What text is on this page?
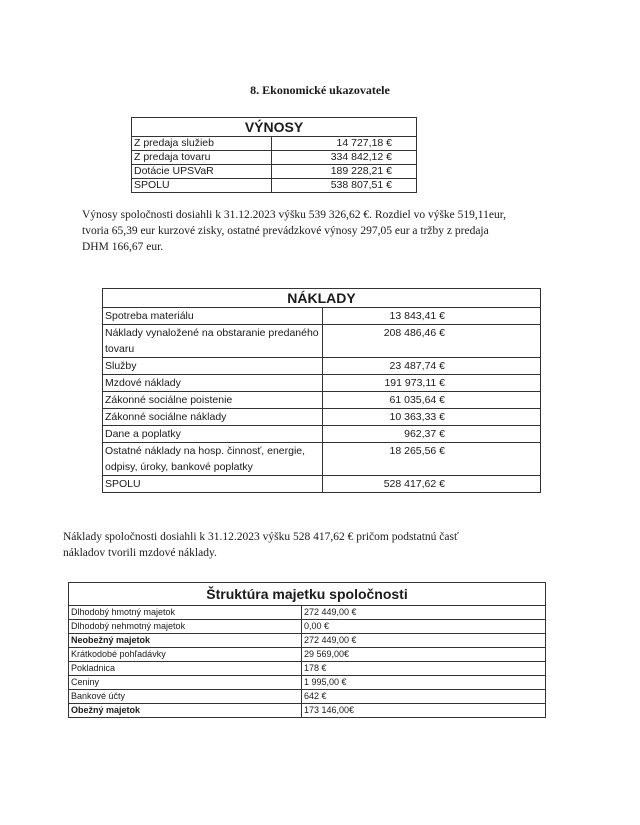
8. Ekonomické ukazovatele
VÝNOSY	
Z predaja služieb	14 727,18 €
Z predaja tovaru	334 842,12 €
Dotácie UPSVaR	189 228,21 €
SPOLU	538 807,51 €
Výnosy spoločnosti dosiahli k 31.12.2023 výšku 539 326,62 €. Rozdiel vo výške 519,11eur,
tvoria 65,39 eur kurzové zisky, ostatné prevádzkové výnosy 297,05 eur a tržby z predaja
DHM 166,67 eur.
NÁKLADY	
Spotreba materiálu	13 843,41 €
Náklady vynaložené na obstaranie predaného tovaru	208 486,46 €
Služby	23 487,74 €
Mzdové náklady	191 973,11 €
Zákonné sociálne poistenie	61 035,64 €
Zákonné sociálne náklady	10 363,33 €
Dane a poplatky	962,37 €
Ostatné náklady na hosp. činnosť, energie, odpisy, úroky, bankové poplatky	18 265,56 €
SPOLU	528 417,62 €
Náklady spoločnosti dosiahli k 31.12.2023 výšku 528 417,62 € pričom podstatnú časť
nákladov tvorili mzdové náklady.
Štruktúra majetku spoločnosti	
Dlhodobý hmotný majetok	272 449,00 €
Dlhodobý nehmotný majetok	0,00 €
Neobežný majetok	272 449,00 €
Krátkodobé pohľadávky	29 569,00€
Pokladnica	178 €
Ceniny	1 995,00 €
Bankové účty	642 €
Obežný majetok	173 146,00€
